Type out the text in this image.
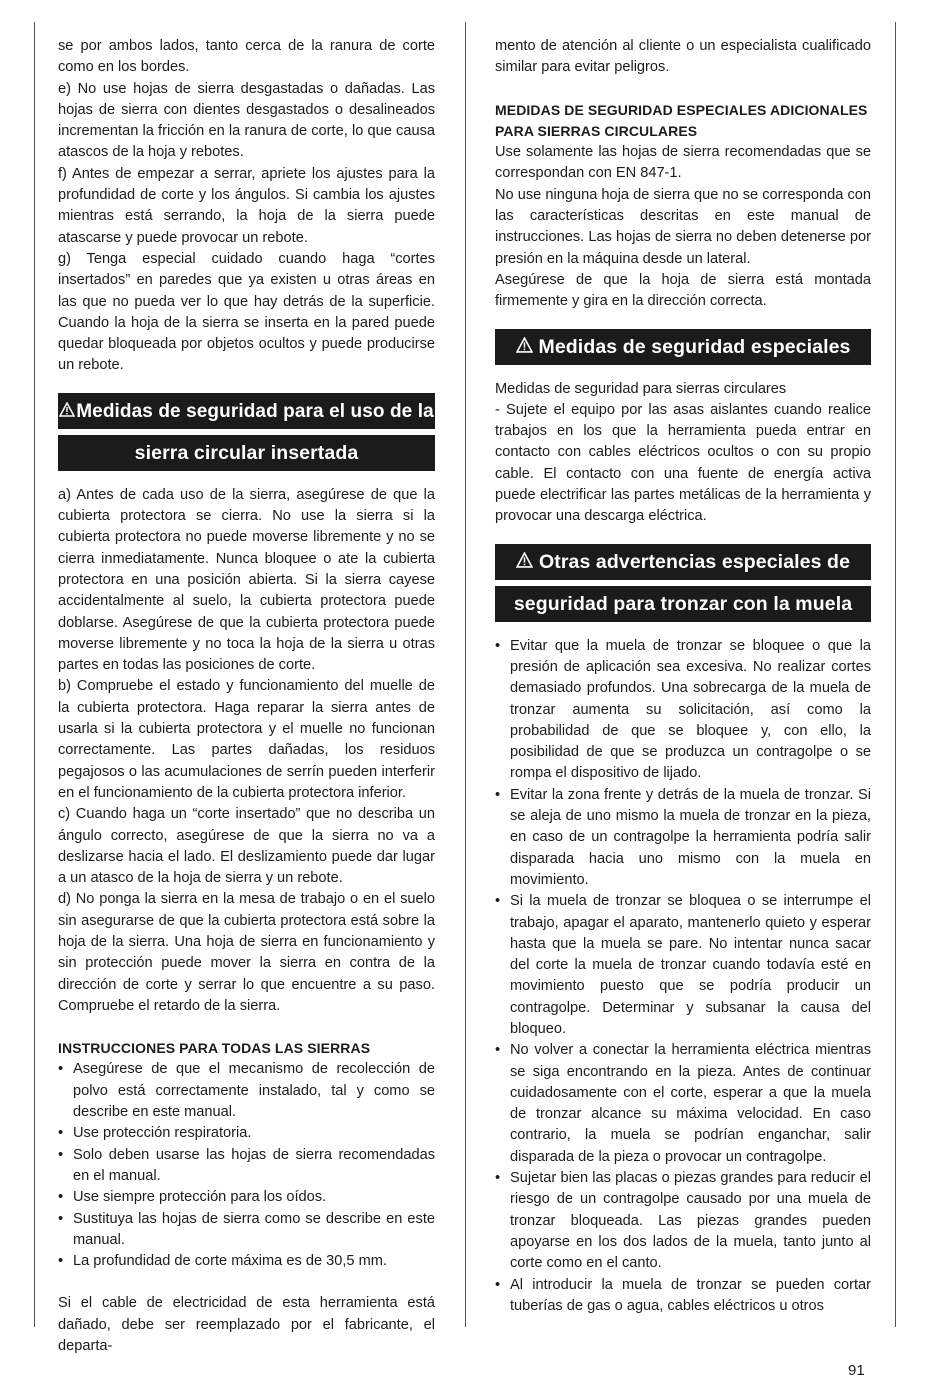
se por ambos lados, tanto cerca de la ranura de corte como en los bordes.

e) No use hojas de sierra desgastadas o dañadas. Las hojas de sierra con dientes desgastados o desalineados incrementan la fricción en la ranura de corte, lo que causa atascos de la hoja y rebotes.

f) Antes de empezar a serrar, apriete los ajustes para la profundidad de corte y los ángulos. Si cambia los ajustes mientras está serrando, la hoja de la sierra puede atascarse y puede provocar un rebote.

g) Tenga especial cuidado cuando haga “cortes insertados” en paredes que ya existen u otras áreas en las que no pueda ver lo que hay detrás de la superficie. Cuando la hoja de la sierra se inserta en la pared puede quedar bloqueada por objetos ocultos y puede producirse un rebote.

Medidas de seguridad para el uso de la
sierra circular insertada

a) Antes de cada uso de la sierra, asegúrese de que la cubierta protectora se cierra. No use la sierra si la cubierta protectora no puede moverse libremente y no se cierra inmediatamente. Nunca bloquee o ate la cubierta protectora en una posición abierta. Si la sierra cayese accidentalmente al suelo, la cubierta protectora puede doblarse. Asegúrese de que la cubierta protectora puede moverse libremente y no toca la hoja de la sierra u otras partes en todas las posiciones de corte.

b) Compruebe el estado y funcionamiento del muelle de la cubierta protectora. Haga reparar la sierra antes de usarla si la cubierta protectora y el muelle no funcionan correctamente. Las partes dañadas, los residuos pegajosos o las acumulaciones de serrín pueden interferir en el funcionamiento de la cubierta protectora inferior.

c) Cuando haga un “corte insertado” que no describa un ángulo correcto, asegúrese de que la sierra no va a deslizarse hacia el lado. El deslizamiento puede dar lugar a un atasco de la hoja de sierra y un rebote.

d) No ponga la sierra en la mesa de trabajo o en el suelo sin asegurarse de que la cubierta protectora está sobre la hoja de la sierra. Una hoja de sierra en funcionamiento y sin protección puede mover la sierra en contra de la dirección de corte y serrar lo que encuentre a su paso. Compruebe el retardo de la sierra.

INSTRUCCIONES PARA TODAS LAS SIERRAS

• Asegúrese de que el mecanismo de recolección de polvo está correctamente instalado, tal y como se describe en este manual.
• Use protección respiratoria.
• Solo deben usarse las hojas de sierra recomendadas en el manual.
• Use siempre protección para los oídos.
• Sustituya las hojas de sierra como se describe en este manual.
• La profundidad de corte máxima es de 30,5 mm.

Si el cable de electricidad de esta herramienta está dañado, debe ser reemplazado por el fabricante, el departa-

mento de atención al cliente o un especialista cualificado similar para evitar peligros.

MEDIDAS DE SEGURIDAD ESPECIALES ADICIONALES

PARA SIERRAS CIRCULARES

Use solamente las hojas de sierra recomendadas que se correspondan con EN 847-1.

No use ninguna hoja de sierra que no se corresponda con las características descritas en este manual de instrucciones. Las hojas de sierra no deben detenerse por presión en la máquina desde un lateral.

Asegúrese de que la hoja de sierra está montada firmemente y gira en la dirección correcta.

Medidas de seguridad especiales

Medidas de seguridad para sierras circulares

- Sujete el equipo por las asas aislantes cuando realice trabajos en los que la herramienta pueda entrar en contacto con cables eléctricos ocultos o con su propio cable. El contacto con una fuente de energía activa puede electrificar las partes metálicas de la herramienta y provocar una descarga eléctrica.

Otras advertencias especiales de
seguridad para tronzar con la muela
• Evitar que la muela de tronzar se bloquee o que la presión de aplicación sea excesiva. No realizar cortes demasiado profundos. Una sobrecarga de la muela de tronzar aumenta su solicitación, así como la probabilidad de que se bloquee y, con ello, la posibilidad de que se produzca un contragolpe o se rompa el dispositivo de lijado.
• Evitar la zona frente y detrás de la muela de tronzar. Si se aleja de uno mismo la muela de tronzar en la pieza, en caso de un contragolpe la herramienta podría salir disparada hacia uno mismo con la muela en movimiento.
• Si la muela de tronzar se bloquea o se interrumpe el trabajo, apagar el aparato, mantenerlo quieto y esperar hasta que la muela se pare. No intentar nunca sacar del corte la muela de tronzar cuando todavía esté en movimiento puesto que se podría producir un contragolpe. Determinar y subsanar la causa del bloqueo.
• No volver a conectar la herramienta eléctrica mientras se siga encontrando en la pieza. Antes de continuar cuidadosamente con el corte, esperar a que la muela de tronzar alcance su máxima velocidad. En caso contrario, la muela se podrían enganchar, salir disparada de la pieza o provocar un contragolpe.
• Sujetar bien las placas o piezas grandes para reducir el riesgo de un contragolpe causado por una muela de tronzar bloqueada. Las piezas grandes pueden apoyarse en los dos lados de la muela, tanto junto al corte como en el canto.
• Al introducir la muela de tronzar se pueden cortar tuberías de gas o agua, cables eléctricos u otros
91
